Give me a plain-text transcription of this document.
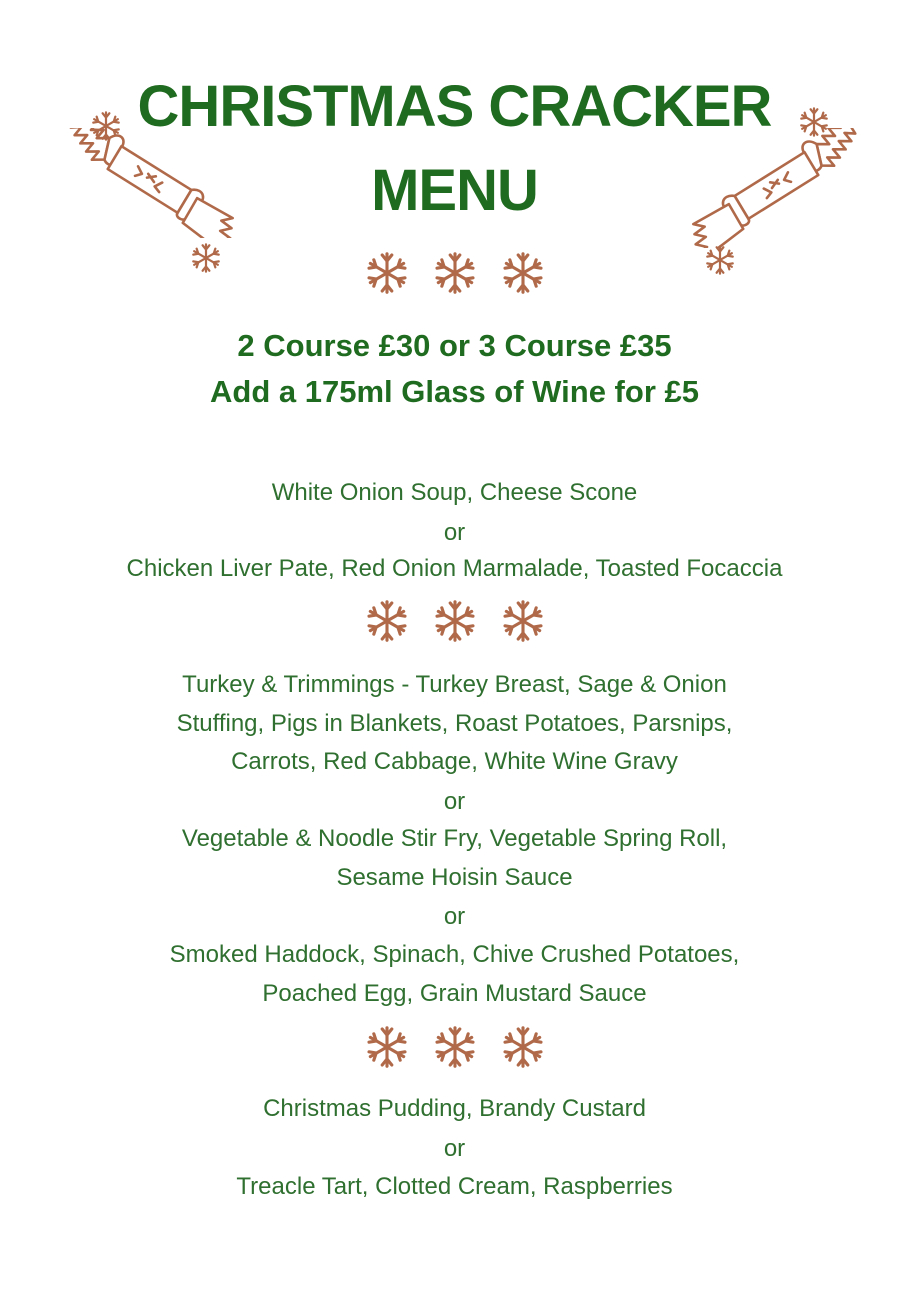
CHRISTMAS CRACKER
MENU
2 Course £30 or 3 Course £35
Add a 175ml Glass of Wine for £5
White Onion Soup, Cheese Scone
or
Chicken Liver Pate, Red Onion Marmalade, Toasted Focaccia
Turkey & Trimmings - Turkey Breast, Sage & Onion
Stuffing, Pigs in Blankets, Roast Potatoes, Parsnips,
Carrots, Red Cabbage, White Wine Gravy
or
Vegetable & Noodle Stir Fry, Vegetable Spring Roll,
Sesame Hoisin Sauce
or
Smoked Haddock, Spinach, Chive Crushed Potatoes,
Poached Egg, Grain Mustard Sauce
Christmas Pudding, Brandy Custard
or
Treacle Tart, Clotted Cream, Raspberries
